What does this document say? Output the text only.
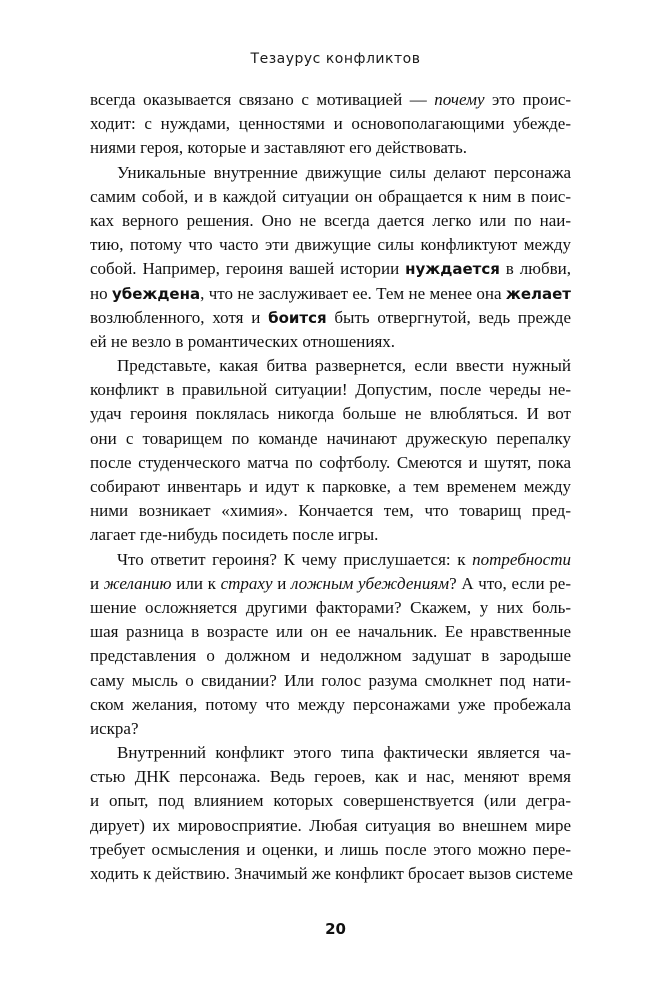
Тезаурус конфликтов
всегда оказывается связано с мотивацией — почему это проис-
ходит: с нуждами, ценностями и основополагающими убежде-
ниями героя, которые и заставляют его действовать.
Уникальные внутренние движущие силы делают персонажа
самим собой, и в каждой ситуации он обращается к ним в поис-
ках верного решения. Оно не всегда дается легко или по наи-
тию, потому что часто эти движущие силы конфликтуют между
собой. Например, героиня вашей истории нуждается в любви,
но убеждена, что не заслуживает ее. Тем не менее она желает
возлюбленного, хотя и боится быть отвергнутой, ведь прежде
ей не везло в романтических отношениях.
Представьте, какая битва развернется, если ввести нужный
конфликт в правильной ситуации! Допустим, после череды не-
удач героиня поклялась никогда больше не влюбляться. И вот
они с товарищем по команде начинают дружескую перепалку
после студенческого матча по софтболу. Смеются и шутят, пока
собирают инвентарь и идут к парковке, а тем временем между
ними возникает «химия». Кончается тем, что товарищ пред-
лагает где-нибудь посидеть после игры.
Что ответит героиня? К чему прислушается: к потребности
и желанию или к страху и ложным убеждениям? А что, если ре-
шение осложняется другими факторами? Скажем, у них боль-
шая разница в возрасте или он ее начальник. Ее нравственные
представления о должном и недолжном задушат в зародыше
саму мысль о свидании? Или голос разума смолкнет под нати-
ском желания, потому что между персонажами уже пробежала
искра?
Внутренний конфликт этого типа фактически является ча-
стью ДНК персонажа. Ведь героев, как и нас, меняют время
и опыт, под влиянием которых совершенствуется (или дегра-
дирует) их мировосприятие. Любая ситуация во внешнем мире
требует осмысления и оценки, и лишь после этого можно пере-
ходить к действию. Значимый же конфликт бросает вызов системе
20
